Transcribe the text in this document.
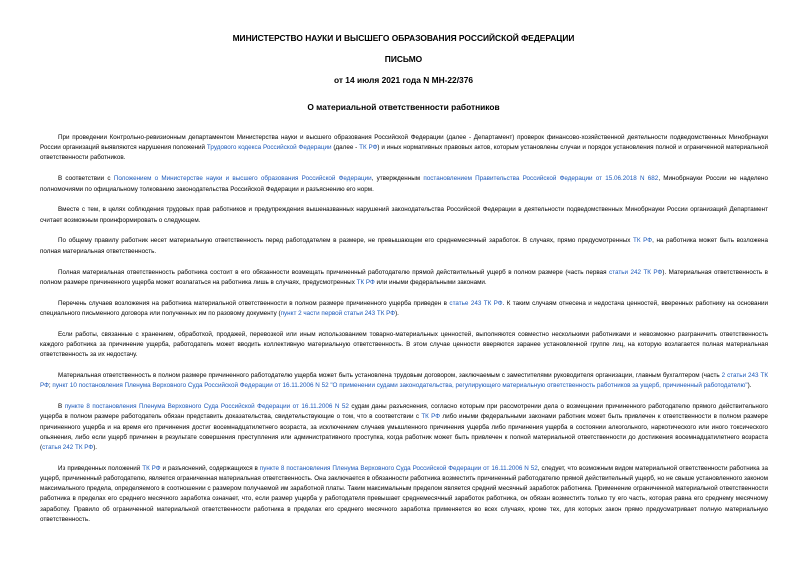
МИНИСТЕРСТВО НАУКИ И ВЫСШЕГО ОБРАЗОВАНИЯ РОССИЙСКОЙ ФЕДЕРАЦИИ
ПИСЬМО
от 14 июля 2021 года N МН-22/376
О материальной ответственности работников

При проведении Контрольно-ревизионным департаментом Министерства науки и высшего образования Российской Федерации (далее - Департамент) проверок финансово-хозяйственной деятельности подведомственных Минобрнауки России организаций выявляются нарушения положений Трудового кодекса Российской Федерации (далее - ТК РФ) и иных нормативных правовых актов, которым установлены случаи и порядок установления полной и ограниченной материальной ответственности работников.

В соответствии с Положением о Министерстве науки и высшего образования Российской Федерации, утвержденным постановлением Правительства Российской Федерации от 15.06.2018 N 682, Минобрнауки России не наделено полномочиями по официальному толкованию законодательства Российской Федерации и разъяснению его норм.

Вместе с тем, в целях соблюдения трудовых прав работников и предупреждения вышеназванных нарушений законодательства Российской Федерации в деятельности подведомственных Минобрнауки России организаций Департамент считает возможным проинформировать о следующем.

По общему правилу работник несет материальную ответственность перед работодателем в размере, не превышающем его среднемесячный заработок. В случаях, прямо предусмотренных ТК РФ, на работника может быть возложена полная материальная ответственность.

Полная материальная ответственность работника состоит в его обязанности возмещать причиненный работодателю прямой действительный ущерб в полном размере (часть первая статьи 242 ТК РФ). Материальная ответственность в полном размере причиненного ущерба может возлагаться на работника лишь в случаях, предусмотренных ТК РФ или иными федеральными законами.

Перечень случаев возложения на работника материальной ответственности в полном размере причиненного ущерба приведен в статье 243 ТК РФ. К таким случаям отнесена и недостача ценностей, вверенных работнику на основании специального письменного договора или полученных им по разовому документу (пункт 2 части первой статьи 243 ТК РФ).

Если работы, связанные с хранением, обработкой, продажей, перевозкой или иным использованием товарно-материальных ценностей, выполняются совместно несколькими работниками и невозможно разграничить ответственность каждого работника за причинение ущерба, работодатель может вводить коллективную материальную ответственность. В этом случае ценности вверяются заранее установленной группе лиц, на которую возлагается полная материальная ответственность за их недостачу.

Материальная ответственность в полном размере причиненного работодателю ущерба может быть установлена трудовым договором, заключаемым с заместителями руководителя организации, главным бухгалтером (часть 2 статьи 243 ТК РФ; пункт 10 постановления Пленума Верховного Суда Российской Федерации от 16.11.2006 N 52 "О применении судами законодательства, регулирующего материальную ответственность работников за ущерб, причиненный работодателю").

В пункте 8 постановления Пленума Верховного Суда Российской Федерации от 16.11.2006 N 52 судам даны разъяснения, согласно которым при рассмотрении дела о возмещении причиненного работодателю прямого действительного ущерба в полном размере работодатель обязан представить доказательства, свидетельствующие о том, что в соответствии с ТК РФ либо иными федеральными законами работник может быть привлечен к ответственности в полном размере причиненного ущерба и на время его причинения достиг восемнадцатилетнего возраста, за исключением случаев умышленного причинения ущерба либо причинения ущерба в состоянии алкогольного, наркотического или иного токсического опьянения, либо если ущерб причинен в результате совершения преступления или административного проступка, когда работник может быть привлечен к полной материальной ответственности до достижения восемнадцатилетнего возраста (статья 242 ТК РФ).

Из приведенных положений ТК РФ и разъяснений, содержащихся в пункте 8 постановления Пленума Верховного Суда Российской Федерации от 16.11.2006 N 52, следует, что возможным видом материальной ответственности работника за ущерб, причиненный работодателю, является ограниченная материальная ответственность. Она заключается в обязанности работника возместить причиненный работодателю прямой действительный ущерб, но не свыше установленного законом максимального предела, определяемого в соотношении с размером получаемой им заработной платы. Таким максимальным пределом является средний месячный заработок работника. Применение ограниченной материальной ответственности работника в пределах его среднего месячного заработка означает, что, если размер ущерба у работодателя превышает среднемесячный заработок работника, он обязан возместить только ту его часть, которая равна его среднему месячному заработку. Правило об ограниченной материальной ответственности работника в пределах его среднего месячного заработка применяется во всех случаях, кроме тех, для которых закон прямо предусматривает полную материальную ответственность.
